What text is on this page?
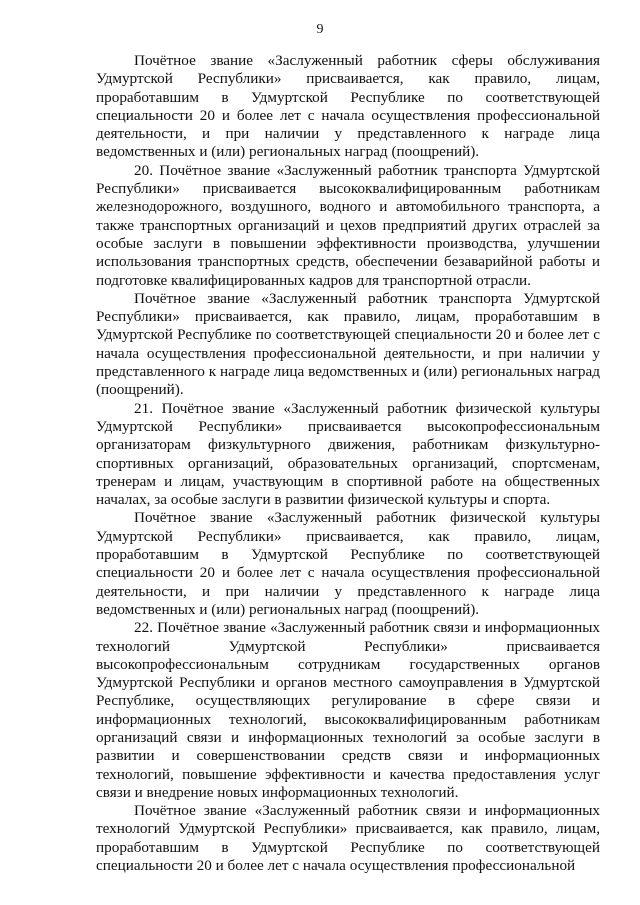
9

Почётное звание «Заслуженный работник сферы обслуживания Удмуртской Республики» присваивается, как правило, лицам, проработавшим в Удмуртской Республике по соответствующей специальности 20 и более лет с начала осуществления профессиональной деятельности, и при наличии у представленного к награде лица ведомственных и (или) региональных наград (поощрений).

20. Почётное звание «Заслуженный работник транспорта Удмуртской Республики» присваивается высококвалифицированным работникам железнодорожного, воздушного, водного и автомобильного транспорта, а также транспортных организаций и цехов предприятий других отраслей за особые заслуги в повышении эффективности производства, улучшении использования транспортных средств, обеспечении безаварийной работы и подготовке квалифицированных кадров для транспортной отрасли.

Почётное звание «Заслуженный работник транспорта Удмуртской Республики» присваивается, как правило, лицам, проработавшим в Удмуртской Республике по соответствующей специальности 20 и более лет с начала осуществления профессиональной деятельности, и при наличии у представленного к награде лица ведомственных и (или) региональных наград (поощрений).

21. Почётное звание «Заслуженный работник физической культуры Удмуртской Республики» присваивается высокопрофессиональным организаторам физкультурного движения, работникам физкультурно-спортивных организаций, образовательных организаций, спортсменам, тренерам и лицам, участвующим в спортивной работе на общественных началах, за особые заслуги в развитии физической культуры и спорта.

Почётное звание «Заслуженный работник физической культуры Удмуртской Республики» присваивается, как правило, лицам, проработавшим в Удмуртской Республике по соответствующей специальности 20 и более лет с начала осуществления профессиональной деятельности, и при наличии у представленного к награде лица ведомственных и (или) региональных наград (поощрений).

22. Почётное звание «Заслуженный работник связи и информационных технологий Удмуртской Республики» присваивается высокопрофессиональным сотрудникам государственных органов Удмуртской Республики и органов местного самоуправления в Удмуртской Республике, осуществляющих регулирование в сфере связи и информационных технологий, высококвалифицированным работникам организаций связи и информационных технологий за особые заслуги в развитии и совершенствовании средств связи и информационных технологий, повышение эффективности и качества предоставления услуг связи и внедрение новых информационных технологий.

Почётное звание «Заслуженный работник связи и информационных технологий Удмуртской Республики» присваивается, как правило, лицам, проработавшим в Удмуртской Республике по соответствующей специальности 20 и более лет с начала осуществления профессиональной
